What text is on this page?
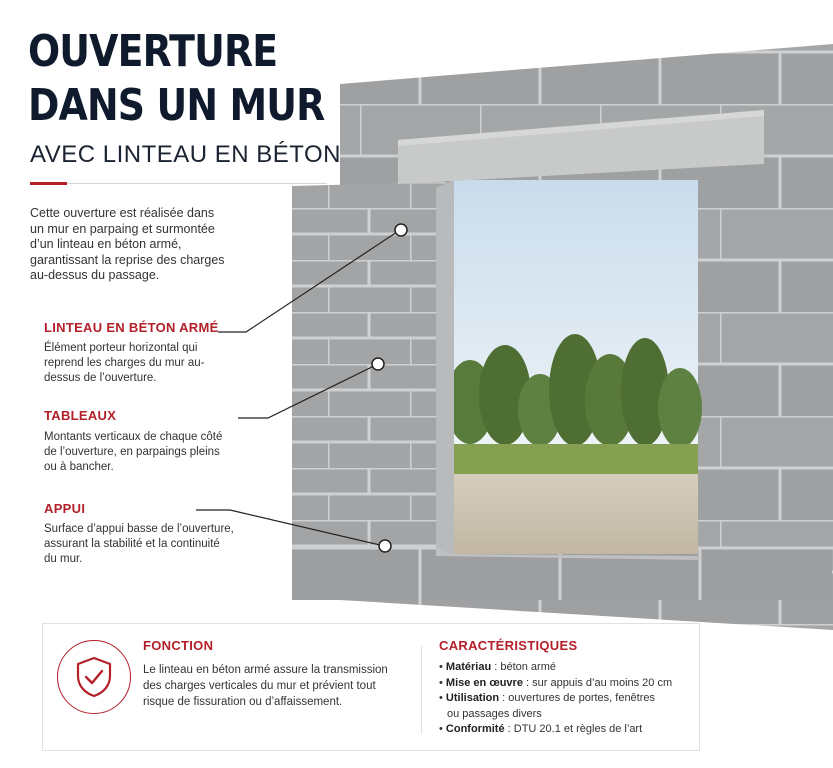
OUVERTURE
DANS UN MUR
AVEC LINTEAU EN BÉTON

Cette ouverture est réalisée dans un mur en parpaing et surmontée d’un linteau en béton armé, garantissant la reprise des charges au-dessus du passage.

LINTEAU EN BÉTON ARMÉ

Élément porteur horizontal qui reprend les charges du mur au-dessus de l’ouverture.

TABLEAUX

Montants verticaux de chaque côté de l’ouverture, en parpaings pleins ou à bancher.

APPUI

Surface d’appui basse de l’ouverture, assurant la stabilité et la continuité du mur.

FONCTION

Le linteau en béton armé assure la transmission des charges verticales du mur et prévient tout risque de fissuration ou d’affaissement.

CARACTÉRISTIQUES
• Matériau : béton armé
• Mise en œuvre : sur appuis d’au moins 20 cm
• Utilisation : ouvertures de portes, fenêtres
ou passages divers
• Conformité : DTU 20.1 et règles de l’art
